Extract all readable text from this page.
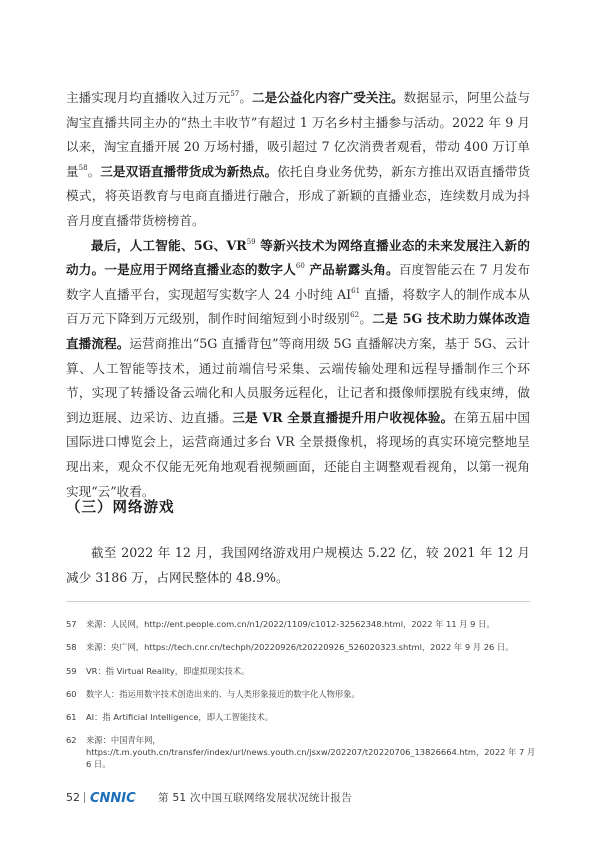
主播实现月均直播收入过万元$^{57}$。二是公益化内容广受关注。数据显示，阿里公益与淘宝直播共同主办的“热土丰收节”有超过 1 万名乡村主播参与活动。2022 年 9 月以来，淘宝直播开展 20 万场村播，吸引超过 7 亿次消费者观看，带动 400 万订单量$^{58}$。三是双语直播带货成为新热点。依托自身业务优势，新东方推出双语直播带货模式，将英语教育与电商直播进行融合，形成了新颖的直播业态，连续数月成为抖音月度直播带货榜榜首。

最后，人工智能、5G、VR$^{59}$ 等新兴技术为网络直播业态的未来发展注入新的动力。一是应用于网络直播业态的数字人$^{60}$ 产品崭露头角。百度智能云在 7 月发布数字人直播平台，实现超写实数字人 24 小时纯 AI$^{61}$ 直播，将数字人的制作成本从百万元下降到万元级别，制作时间缩短到小时级别$^{62}$。二是 5G 技术助力媒体改造直播流程。运营商推出“5G 直播背包”等商用级 5G 直播解决方案，基于 5G、云计算、人工智能等技术，通过前端信号采集、云端传输处理和远程导播制作三个环节，实现了转播设备云端化和人员服务远程化，让记者和摄像师摆脱有线束缚，做到边逛展、边采访、边直播。三是 VR 全景直播提升用户收视体验。在第五届中国国际进口博览会上，运营商通过多台 VR 全景摄像机，将现场的真实环境完整地呈现出来，观众不仅能无死角地观看视频画面，还能自主调整观看视角，以第一视角实现“云”收看。

（三）网络游戏

截至 2022 年 12 月，我国网络游戏用户规模达 5.22 亿，较 2021 年 12 月减少 3186 万，占网民整体的 48.9%。

57	来源：人民网，http://ent.people.com.cn/n1/2022/1109/c1012-32562348.html，2022 年 11 月 9 日。
58	来源：央广网，https://tech.cnr.cn/techph/20220926/t20220926_526020323.shtml，2022 年 9 月 26 日。
59	VR：指 Virtual Reality，即虚拟现实技术。
60	数字人：指运用数字技术创造出来的、与人类形象接近的数字化人物形象。
61	AI：指 Artificial Intelligence，即人工智能技术。
62	来源：中国青年网，https://t.m.youth.cn/transfer/index/url/news.youth.cn/jsxw/202207/t20220706_13826664.htm，2022 年 7 月 6 日。
52 CNNIC 第 51 次中国互联网络发展状况统计报告
